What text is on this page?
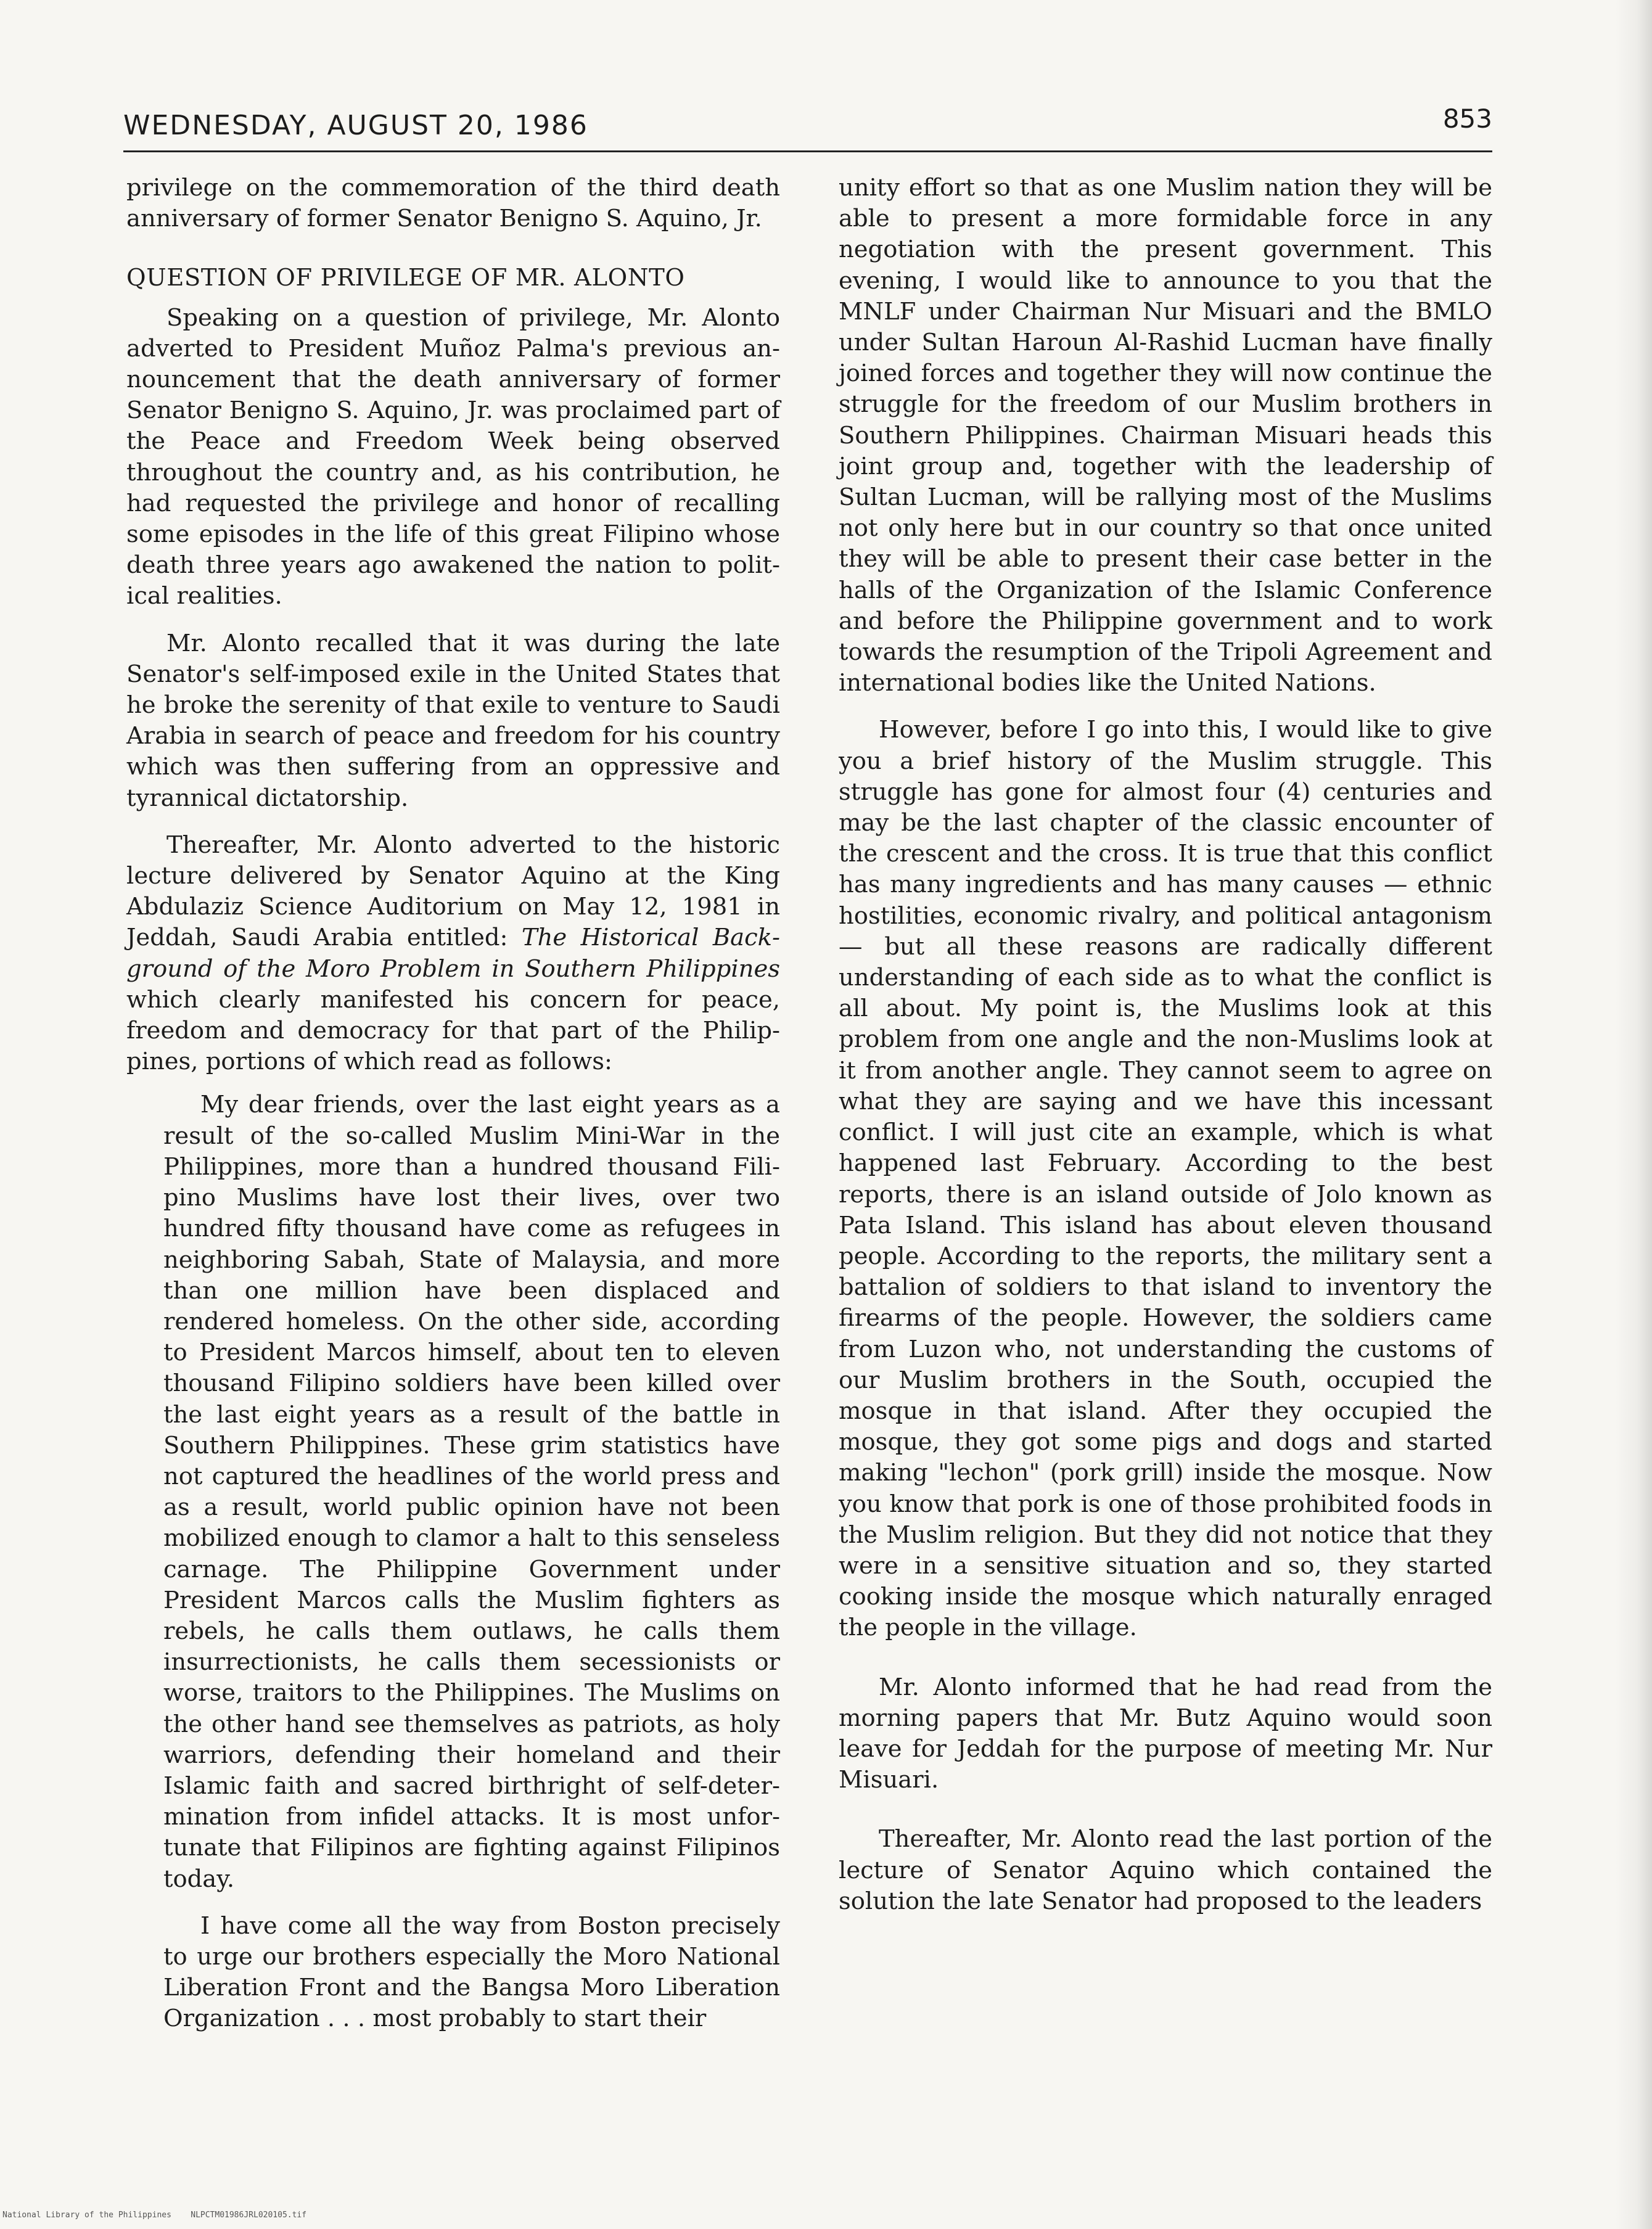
WEDNESDAY, AUGUST 20, 1986	853

privilege on the commemoration of the third death anniversary of former Senator Benigno S. Aquino, Jr.

QUESTION OF PRIVILEGE OF MR. ALONTO

Speaking on a question of privilege, Mr. Alonto adverted to President Muñoz Palma's previous announcement that the death anniversary of former Senator Benigno S. Aquino, Jr. was proclaimed part of the Peace and Freedom Week being observed throughout the country and, as his contribution, he had requested the privilege and honor of recalling some episodes in the life of this great Filipino whose death three years ago awakened the nation to political realities.

Mr. Alonto recalled that it was during the late Senator's self-imposed exile in the United States that he broke the serenity of that exile to venture to Saudi Arabia in search of peace and freedom for his country which was then suffering from an oppressive and tyrannical dictatorship.

Thereafter, Mr. Alonto adverted to the historic lecture delivered by Senator Aquino at the King Abdulaziz Science Auditorium on May 12, 1981 in Jeddah, Saudi Arabia entitled: The Historical Background of the Moro Problem in Southern Philippines which clearly manifested his concern for peace, freedom and democracy for that part of the Philippines, portions of which read as follows:

My dear friends, over the last eight years as a result of the so-called Muslim Mini-War in the Philippines, more than a hundred thousand Filipino Muslims have lost their lives, over two hundred fifty thousand have come as refugees in neighboring Sabah, State of Malaysia, and more than one million have been displaced and rendered homeless. On the other side, according to President Marcos himself, about ten to eleven thousand Filipino soldiers have been killed over the last eight years as a result of the battle in Southern Philippines. These grim statistics have not captured the headlines of the world press and as a result, world public opinion have not been mobilized enough to clamor a halt to this senseless carnage. The Philippine Government under President Marcos calls the Muslim fighters as rebels, he calls them outlaws, he calls them insurrectionists, he calls them secessionists or worse, traitors to the Philippines. The Muslims on the other hand see themselves as patriots, as holy warriors, defending their homeland and their Islamic faith and sacred birthright of self-determination from infidel attacks. It is most unfortunate that Filipinos are fighting against Filipinos today.

I have come all the way from Boston precisely to urge our brothers especially the Moro National Liberation Front and the Bangsa Moro Liberation Organization . . . most probably to start their

unity effort so that as one Muslim nation they will be able to present a more formidable force in any negotiation with the present government. This evening, I would like to announce to you that the MNLF under Chairman Nur Misuari and the BMLO under Sultan Haroun Al-Rashid Lucman have finally joined forces and together they will now continue the struggle for the freedom of our Muslim brothers in Southern Philippines. Chairman Misuari heads this joint group and, together with the leadership of Sultan Lucman, will be rallying most of the Muslims not only here but in our country so that once united they will be able to present their case better in the halls of the Organization of the Islamic Conference and before the Philippine government and to work towards the resumption of the Tripoli Agreement and international bodies like the United Nations.

However, before I go into this, I would like to give you a brief history of the Muslim struggle. This struggle has gone for almost four (4) centuries and may be the last chapter of the classic encounter of the crescent and the cross. It is true that this conflict has many ingredients and has many causes — ethnic hostilities, economic rivalry, and political antagonism — but all these reasons are radically different understanding of each side as to what the conflict is all about. My point is, the Muslims look at this problem from one angle and the non-Muslims look at it from another angle. They cannot seem to agree on what they are saying and we have this incessant conflict. I will just cite an example, which is what happened last February. According to the best reports, there is an island outside of Jolo known as Pata Island. This island has about eleven thousand people. According to the reports, the military sent a battalion of soldiers to that island to inventory the firearms of the people. However, the soldiers came from Luzon who, not understanding the customs of our Muslim brothers in the South, occupied the mosque in that island. After they occupied the mosque, they got some pigs and dogs and started making "lechon" (pork grill) inside the mosque. Now you know that pork is one of those prohibited foods in the Muslim religion. But they did not notice that they were in a sensitive situation and so, they started cooking inside the mosque which naturally enraged the people in the village.

Mr. Alonto informed that he had read from the morning papers that Mr. Butz Aquino would soon leave for Jeddah for the purpose of meeting Mr. Nur Misuari.

Thereafter, Mr. Alonto read the last portion of the lecture of Senator Aquino which contained the solution the late Senator had proposed to the leaders

National Library of the Philippines    NLPCTM01986JRL020105.tif
